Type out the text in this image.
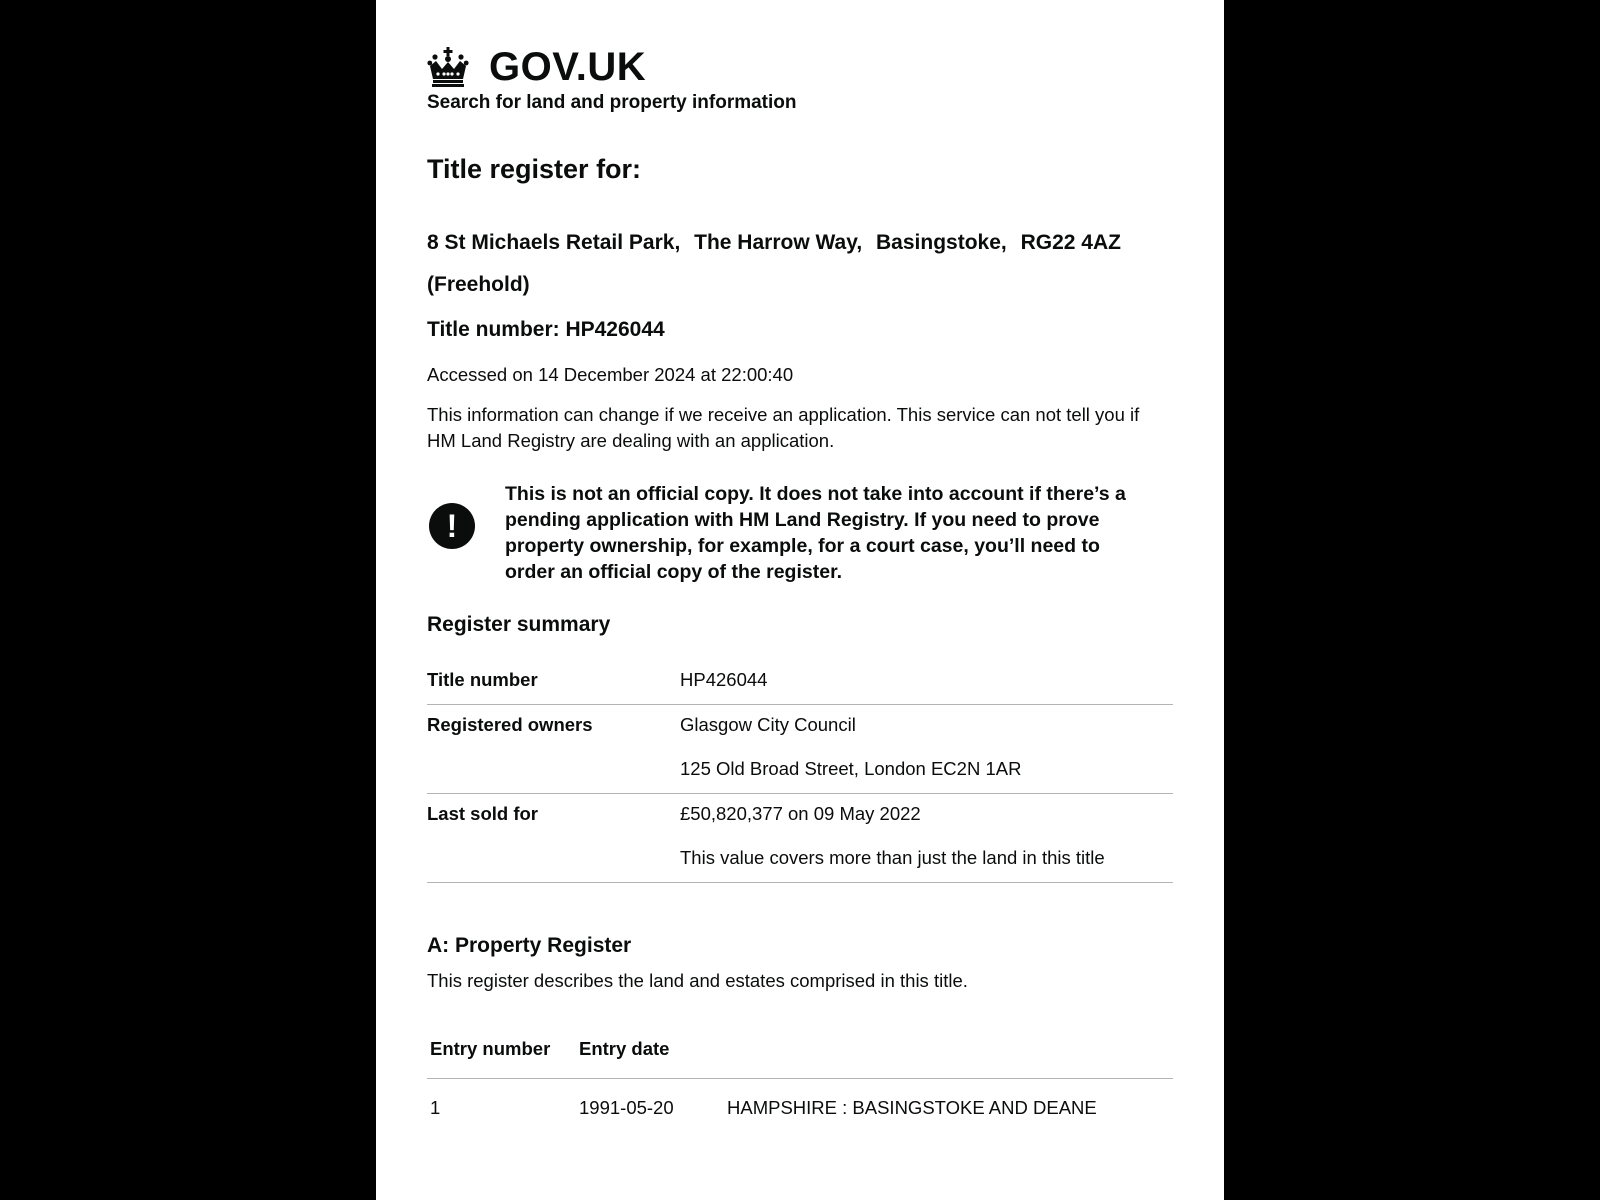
GOV.UK
Search for land and property information
Title register for:
8 St Michaels Retail Park, The Harrow Way, Basingstoke, RG22 4AZ
(Freehold)
Title number: HP426044
Accessed on 14 December 2024 at 22:00:40
This information can change if we receive an application. This service can not tell you if HM Land Registry are dealing with an application.
!
This is not an official copy. It does not take into account if there’s a pending application with HM Land Registry. If you need to prove property ownership, for example, for a court case, you’ll need to order an official copy of the register.
Register summary
Title number	HP426044

Registered owners	Glasgow City Council

125 Old Broad Street, London EC2N 1AR

Last sold for	£50,820,377 on 09 May 2022

This value covers more than just the land in this title

A: Property Register
This register describes the land and estates comprised in this title.
Entry number	Entry date	
1	1991-05-20	HAMPSHIRE : BASINGSTOKE AND DEANE
